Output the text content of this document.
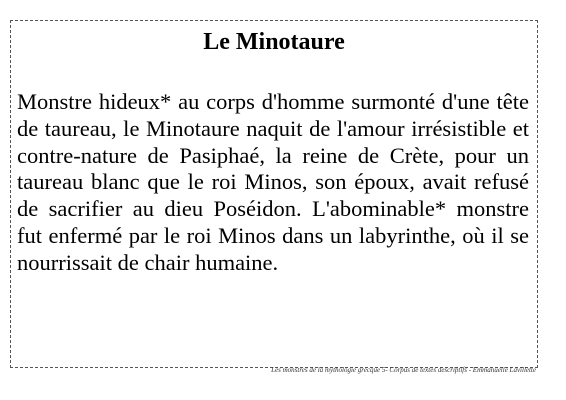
Le Minotaure

Monstre hideux* au corps d'homme surmonté d'une tête de taureau, le Minotaure naquit de l'amour irrésistible et contre-nature de Pasiphaé, la reine de Crète, pour un taureau blanc que le roi Minos, son époux, avait refusé de sacrifier au dieu Poséidon. L'abominable* monstre fut enfermé par le roi Minos dans un labyrinthe, où il se nourrissait de chair humaine.

Les monstres de la mythologie grecque 5- Corpus de textes descriptifs - Emmanuelle Lavillette
